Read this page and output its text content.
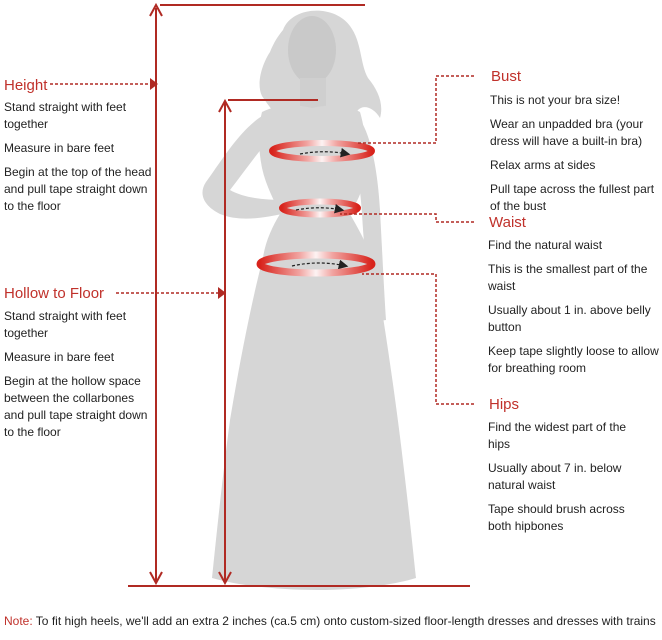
Height
Stand straight with feet together
Measure in bare feet
Begin at the top of the head and pull tape straight down to the floor
Hollow to Floor
Stand straight with feet together
Measure in bare feet
Begin at the hollow space between the collarbones and pull tape straight down to the floor
Bust
This is not your bra size!
Wear an unpadded bra (your dress will have a built-in bra)
Relax arms at sides
Pull tape across the fullest part of the bust
Waist
Find the natural waist
This is the smallest part of the waist
Usually about 1 in. above belly button
Keep tape slightly loose to allow for breathing room
Hips
Find the widest part of the hips
Usually about 7 in. below natural waist
Tape should brush across both hipbones
Note: To fit high heels, we'll add an extra 2 inches (ca.5 cm) onto custom-sized floor-length dresses and dresses with trains
